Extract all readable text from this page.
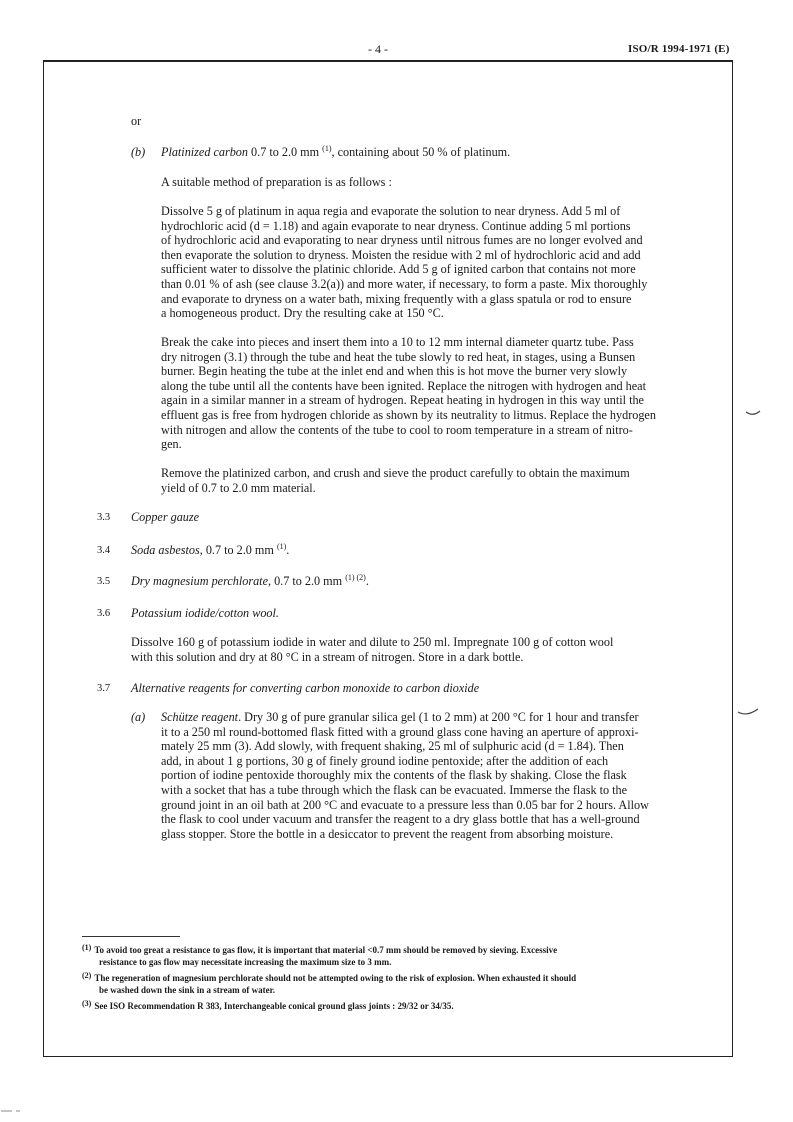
- 4 -	ISO/R 1994-1971 (E)
or
(b) Platinized carbon 0.7 to 2.0 mm $^{(1)}$, containing about 50 % of platinum.
A suitable method of preparation is as follows :
Dissolve 5 g of platinum in aqua regia and evaporate the solution to near dryness. Add 5 ml of
hydrochloric acid (d = 1.18) and again evaporate to near dryness. Continue adding 5 ml portions
of hydrochloric acid and evaporating to near dryness until nitrous fumes are no longer evolved and
then evaporate the solution to dryness. Moisten the residue with 2 ml of hydrochloric acid and add
sufficient water to dissolve the platinic chloride. Add 5 g of ignited carbon that contains not more
than 0.01 % of ash (see clause 3.2(a)) and more water, if necessary, to form a paste. Mix thoroughly
and evaporate to dryness on a water bath, mixing frequently with a glass spatula or rod to ensure
a homogeneous product. Dry the resulting cake at 150 °C.
Break the cake into pieces and insert them into a 10 to 12 mm internal diameter quartz tube. Pass
dry nitrogen (3.1) through the tube and heat the tube slowly to red heat, in stages, using a Bunsen
burner. Begin heating the tube at the inlet end and when this is hot move the burner very slowly
along the tube until all the contents have been ignited. Replace the nitrogen with hydrogen and heat
again in a similar manner in a stream of hydrogen. Repeat heating in hydrogen in this way until the
effluent gas is free from hydrogen chloride as shown by its neutrality to litmus. Replace the hydrogen
with nitrogen and allow the contents of the tube to cool to room temperature in a stream of nitro-
gen.
Remove the platinized carbon, and crush and sieve the product carefully to obtain the maximum
yield of 0.7 to 2.0 mm material.
3.3 Copper gauze
3.4 Soda asbestos, 0.7 to 2.0 mm $^{(1)}$.
3.5 Dry magnesium perchlorate, 0.7 to 2.0 mm $^{(1) (2)}$.
3.6 Potassium iodide/cotton wool.
Dissolve 160 g of potassium iodide in water and dilute to 250 ml. Impregnate 100 g of cotton wool
with this solution and dry at 80 °C in a stream of nitrogen. Store in a dark bottle.
3.7 Alternative reagents for converting carbon monoxide to carbon dioxide
(a) Schütze reagent. Dry 30 g of pure granular silica gel (1 to 2 mm) at 200 °C for 1 hour and transfer
it to a 250 ml round-bottomed flask fitted with a ground glass cone having an aperture of approxi-
mately 25 mm (3). Add slowly, with frequent shaking, 25 ml of sulphuric acid (d = 1.84). Then
add, in about 1 g portions, 30 g of finely ground iodine pentoxide; after the addition of each
portion of iodine pentoxide thoroughly mix the contents of the flask by shaking. Close the flask
with a socket that has a tube through which the flask can be evacuated. Immerse the flask to the
ground joint in an oil bath at 200 °C and evacuate to a pressure less than 0.05 bar for 2 hours. Allow
the flask to cool under vacuum and transfer the reagent to a dry glass bottle that has a well-ground
glass stopper. Store the bottle in a desiccator to prevent the reagent from absorbing moisture.
(1) To avoid too great a resistance to gas flow, it is important that material <0.7 mm should be removed by sieving. Excessive
resistance to gas flow may necessitate increasing the maximum size to 3 mm.
(2) The regeneration of magnesium perchlorate should not be attempted owing to the risk of explosion. When exhausted it should
be washed down the sink in a stream of water.
(3) See ISO Recommendation R 383, Interchangeable conical ground glass joints : 29/32 or 34/35.
